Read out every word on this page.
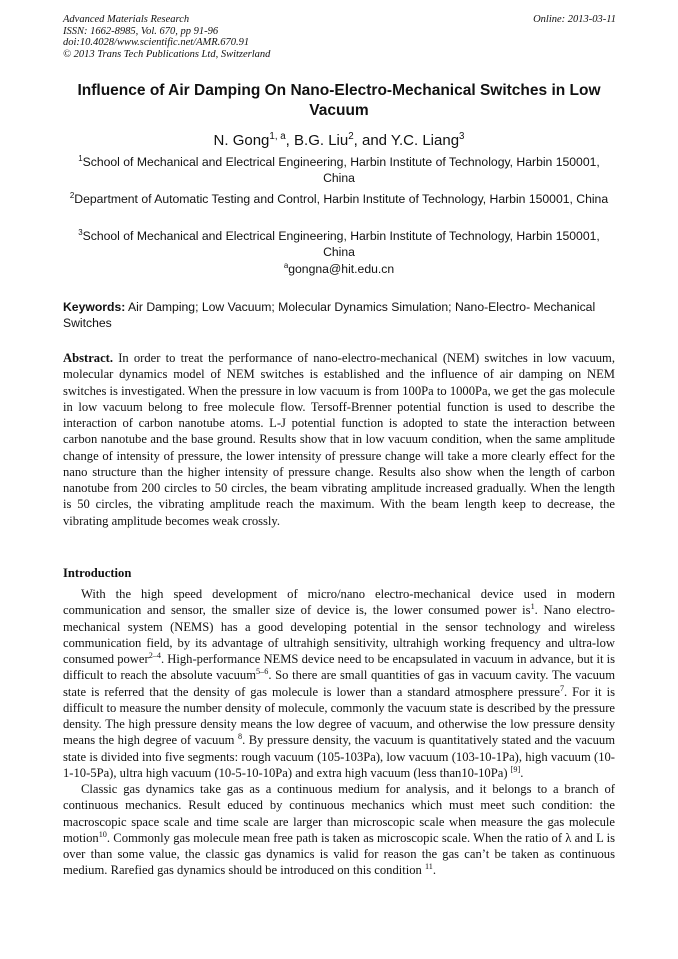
Advanced Materials Research
ISSN: 1662-8985, Vol. 670, pp 91-96
doi:10.4028/www.scientific.net/AMR.670.91
© 2013 Trans Tech Publications Ltd, Switzerland
Online: 2013-03-11
Influence of Air Damping On Nano-Electro-Mechanical Switches in Low Vacuum
N. Gong$^{1, a}$, B.G. Liu$^2$, and Y.C. Liang$^3$
$^1$School of Mechanical and Electrical Engineering, Harbin Institute of Technology, Harbin 150001, China
$^2$Department of Automatic Testing and Control, Harbin Institute of Technology, Harbin 150001, China
$^3$School of Mechanical and Electrical Engineering, Harbin Institute of Technology, Harbin 150001, China
$^a$gongna@hit.edu.cn
Keywords: Air Damping; Low Vacuum; Molecular Dynamics Simulation; Nano-Electro- Mechanical Switches
Abstract. In order to treat the performance of nano-electro-mechanical (NEM) switches in low vacuum, molecular dynamics model of NEM switches is established and the influence of air damping on NEM switches is investigated. When the pressure in low vacuum is from 100Pa to 1000Pa, we get the gas molecule in low vacuum belong to free molecule flow. Tersoff-Brenner potential function is used to describe the interaction of carbon nanotube atoms. L-J potential function is adopted to state the interaction between carbon nanotube and the base ground. Results show that in low vacuum condition, when the same amplitude change of intensity of pressure, the lower intensity of pressure change will take a more clearly effect for the nano structure than the higher intensity of pressure change. Results also show when the length of carbon nanotube from 200 circles to 50 circles, the beam vibrating amplitude increased gradually. When the length is 50 circles, the vibrating amplitude reach the maximum. With the beam length keep to decrease, the vibrating amplitude becomes weak crossly.
Introduction

With the high speed development of micro/nano electro-mechanical device used in modern communication and sensor, the smaller size of device is, the lower consumed power $is^1$. Nano electro-mechanical system (NEMS) has a good developing potential in the sensor technology and wireless communication field, by its advantage of ultrahigh sensitivity, ultrahigh working frequency and ultra-low consumed power$^{2-4}$. High-performance NEMS device need to be encapsulated in vacuum in advance, but it is difficult to reach the absolute vacuum$^{5-6}$. So there are small quantities of gas in vacuum cavity. The vacuum state is referred that the density of gas molecule is lower than a standard atmosphere pressure$^7$. For it is difficult to measure the number density of molecule, commonly the vacuum state is described by the pressure density. The high pressure density means the low degree of vacuum, and otherwise the low pressure density means the high degree of vacuum $^8$. By pressure density, the vacuum is quantitatively stated and the vacuum state is divided into five segments: rough vacuum (105-103Pa), low vacuum (103-10-1Pa), high vacuum (10-1-10-5Pa), ultra high vacuum (10-5-10-10Pa) and extra high vacuum (less than10-10Pa) [9].

Classic gas dynamics take gas as a continuous medium for analysis, and it belongs to a branch of continuous mechanics. Result educed by continuous mechanics which must meet such condition: the macroscopic space scale and time scale are larger than microscopic scale when measure the gas molecule motion$^{10}$. Commonly gas molecule mean free path is taken as microscopic scale. When the ratio of λ and L is over than some value, the classic gas dynamics is valid for reason the gas can’t be taken as continuous medium. Rarefied gas dynamics should be introduced on this condition $^{11}$.
